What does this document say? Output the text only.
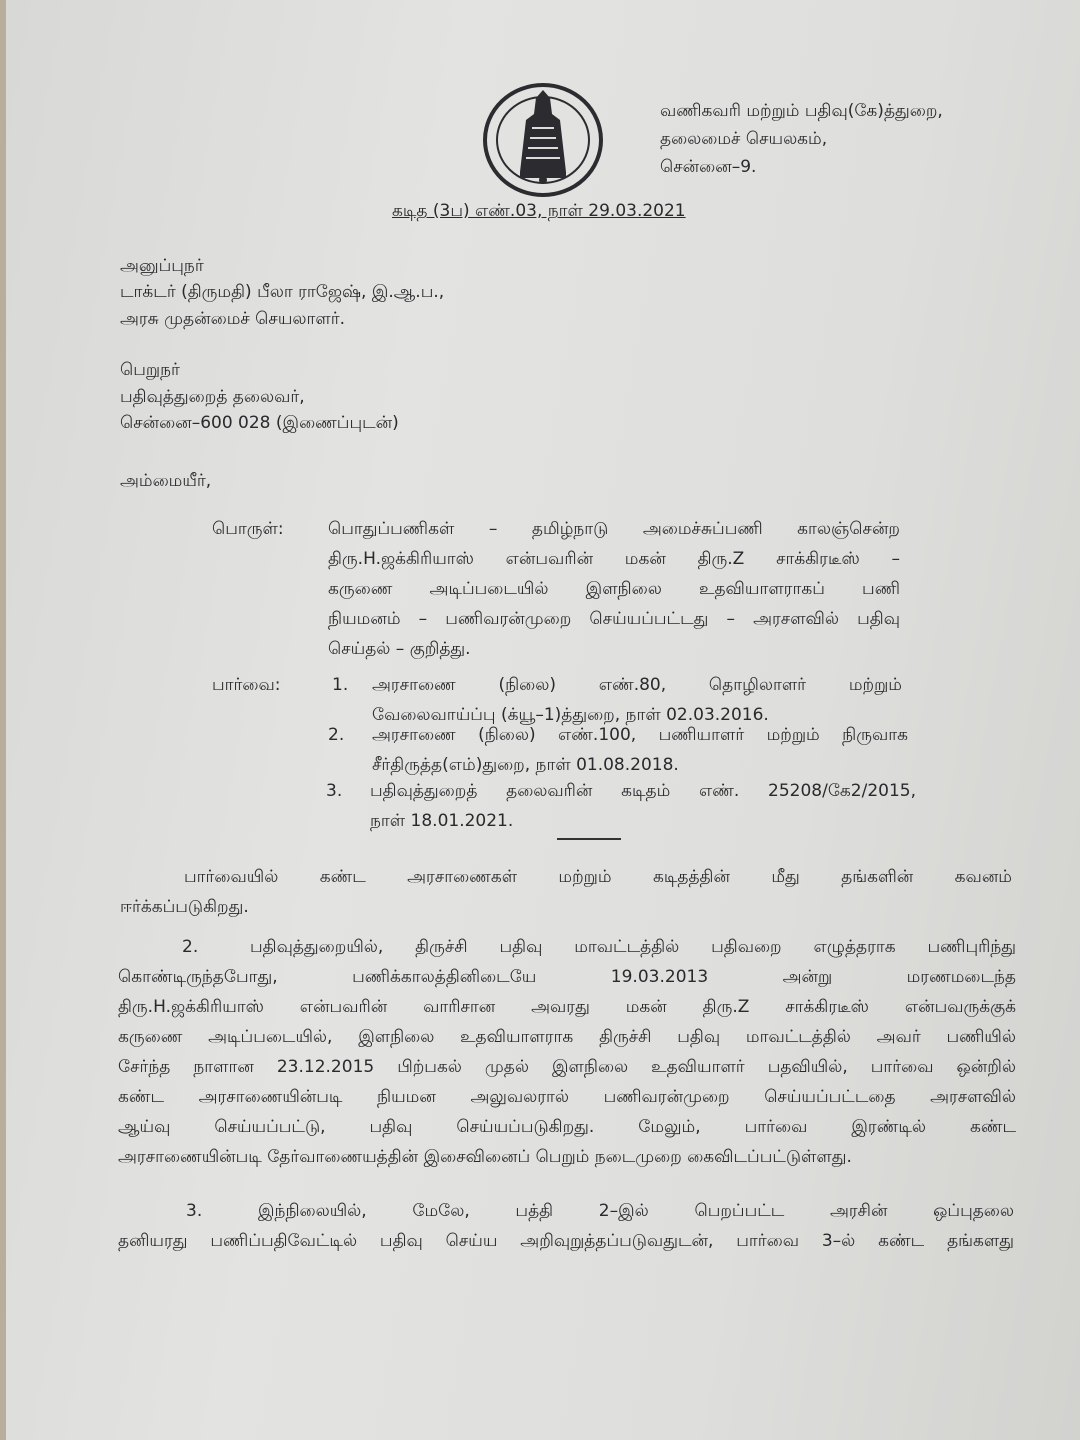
வணிகவரி மற்றும் பதிவு(கே)த்துறை,
தலைமைச் செயலகம்,
சென்னை–9.
கடித (3ப) எண்.03, நாள் 29.03.2021
அனுப்புநர்
டாக்டர் (திருமதி) பீலா ராஜேஷ், இ.ஆ.ப.,
அரசு முதன்மைச் செயலாளர்.
பெறுநர்
பதிவுத்துறைத் தலைவர்,
சென்னை–600 028 (இணைப்புடன்)
அம்மையீர்,
பொருள்:	பொதுப்பணிகள் – தமிழ்நாடு அமைச்சுப்பணி காலஞ்சென்ற
திரு.H.ஜக்கிரியாஸ் என்பவரின் மகன் திரு.Z சாக்கிரடீஸ் –
கருணை அடிப்படையில் இளநிலை உதவியாளராகப் பணி
நியமனம் – பணிவரன்முறை செய்யப்பட்டது – அரசளவில் பதிவு
செய்தல் – குறித்து.
பார்வை:	1. அரசாணை (நிலை) எண்.80, தொழிலாளர் மற்றும்
வேலைவாய்ப்பு (க்யூ–1)த்துறை, நாள் 02.03.2016.
2. அரசாணை (நிலை) எண்.100, பணியாளர் மற்றும் நிருவாக
சீர்திருத்த(எம்)துறை, நாள் 01.08.2018.
3. பதிவுத்துறைத் தலைவரின் கடிதம் எண். 25208/கே2/2015,
நாள் 18.01.2021.
பார்வையில் கண்ட அரசாணைகள் மற்றும் கடிதத்தின் மீது தங்களின் கவனம்
ஈர்க்கப்படுகிறது.
2.	பதிவுத்துறையில், திருச்சி பதிவு மாவட்டத்தில் பதிவறை எழுத்தராக பணிபுரிந்து
கொண்டிருந்தபோது, பணிக்காலத்தினிடையே 19.03.2013 அன்று மரணமடைந்த
திரு.H.ஜக்கிரியாஸ் என்பவரின் வாரிசான அவரது மகன் திரு.Z சாக்கிரடீஸ் என்பவருக்குக்
கருணை அடிப்படையில், இளநிலை உதவியாளராக திருச்சி பதிவு மாவட்டத்தில் அவர் பணியில்
சேர்ந்த நாளான 23.12.2015 பிற்பகல் முதல் இளநிலை உதவியாளர் பதவியில், பார்வை ஒன்றில்
கண்ட அரசாணையின்படி நியமன அலுவலரால் பணிவரன்முறை செய்யப்பட்டதை அரசளவில்
ஆய்வு செய்யப்பட்டு, பதிவு செய்யப்படுகிறது. மேலும், பார்வை இரண்டில் கண்ட
அரசாணையின்படி தேர்வாணையத்தின் இசைவினைப் பெறும் நடைமுறை கைவிடப்பட்டுள்ளது.
3.	இந்நிலையில், மேலே, பத்தி 2–இல் பெறப்பட்ட அரசின் ஒப்புதலை
தனியரது பணிப்பதிவேட்டில் பதிவு செய்ய அறிவுறுத்தப்படுவதுடன், பார்வை 3–ல் கண்ட தங்களது
